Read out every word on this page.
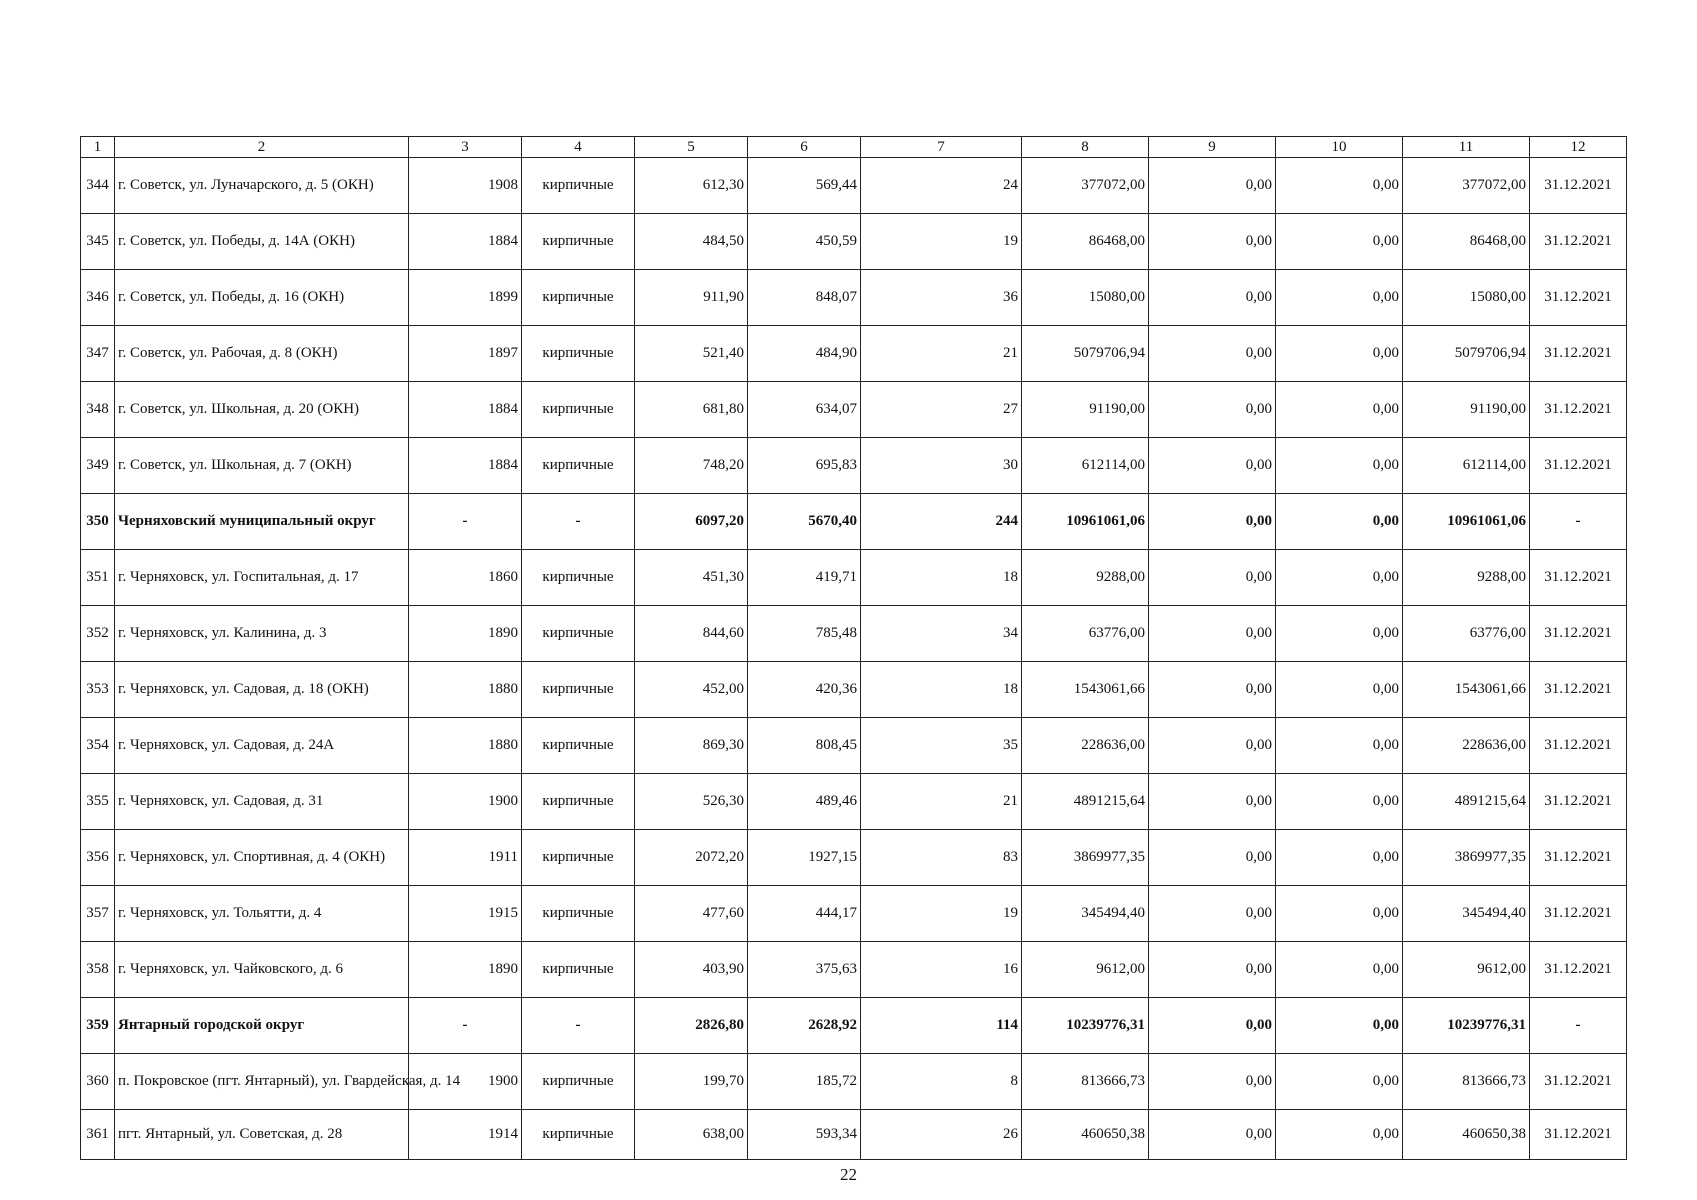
1	2	3	4	5	6	7	8	9	10	11	12
344	г. Советск, ул. Луначарского, д. 5 (ОКН)	1908	кирпичные	612,30	569,44	24	377072,00	0,00	0,00	377072,00	31.12.2021
345	г. Советск, ул. Победы, д. 14А (ОКН)	1884	кирпичные	484,50	450,59	19	86468,00	0,00	0,00	86468,00	31.12.2021
346	г. Советск, ул. Победы, д. 16 (ОКН)	1899	кирпичные	911,90	848,07	36	15080,00	0,00	0,00	15080,00	31.12.2021
347	г. Советск, ул. Рабочая, д. 8 (ОКН)	1897	кирпичные	521,40	484,90	21	5079706,94	0,00	0,00	5079706,94	31.12.2021
348	г. Советск, ул. Школьная, д. 20 (ОКН)	1884	кирпичные	681,80	634,07	27	91190,00	0,00	0,00	91190,00	31.12.2021
349	г. Советск, ул. Школьная, д. 7 (ОКН)	1884	кирпичные	748,20	695,83	30	612114,00	0,00	0,00	612114,00	31.12.2021
350	Черняховский муниципальный округ	-	-	6097,20	5670,40	244	10961061,06	0,00	0,00	10961061,06	-
351	г. Черняховск, ул. Госпитальная, д. 17	1860	кирпичные	451,30	419,71	18	9288,00	0,00	0,00	9288,00	31.12.2021
352	г. Черняховск, ул. Калинина, д. 3	1890	кирпичные	844,60	785,48	34	63776,00	0,00	0,00	63776,00	31.12.2021
353	г. Черняховск, ул. Садовая, д. 18 (ОКН)	1880	кирпичные	452,00	420,36	18	1543061,66	0,00	0,00	1543061,66	31.12.2021
354	г. Черняховск, ул. Садовая, д. 24А	1880	кирпичные	869,30	808,45	35	228636,00	0,00	0,00	228636,00	31.12.2021
355	г. Черняховск, ул. Садовая, д. 31	1900	кирпичные	526,30	489,46	21	4891215,64	0,00	0,00	4891215,64	31.12.2021
356	г. Черняховск, ул. Спортивная, д. 4 (ОКН)	1911	кирпичные	2072,20	1927,15	83	3869977,35	0,00	0,00	3869977,35	31.12.2021
357	г. Черняховск, ул. Тольятти, д. 4	1915	кирпичные	477,60	444,17	19	345494,40	0,00	0,00	345494,40	31.12.2021
358	г. Черняховск, ул. Чайковского, д. 6	1890	кирпичные	403,90	375,63	16	9612,00	0,00	0,00	9612,00	31.12.2021
359	Янтарный городской округ	-	-	2826,80	2628,92	114	10239776,31	0,00	0,00	10239776,31	-
360	п. Покровское (пгт. Янтарный), ул. Гвардейская, д. 14	1900	кирпичные	199,70	185,72	8	813666,73	0,00	0,00	813666,73	31.12.2021
361	пгт. Янтарный, ул. Советская, д. 28	1914	кирпичные	638,00	593,34	26	460650,38	0,00	0,00	460650,38	31.12.2021
22
